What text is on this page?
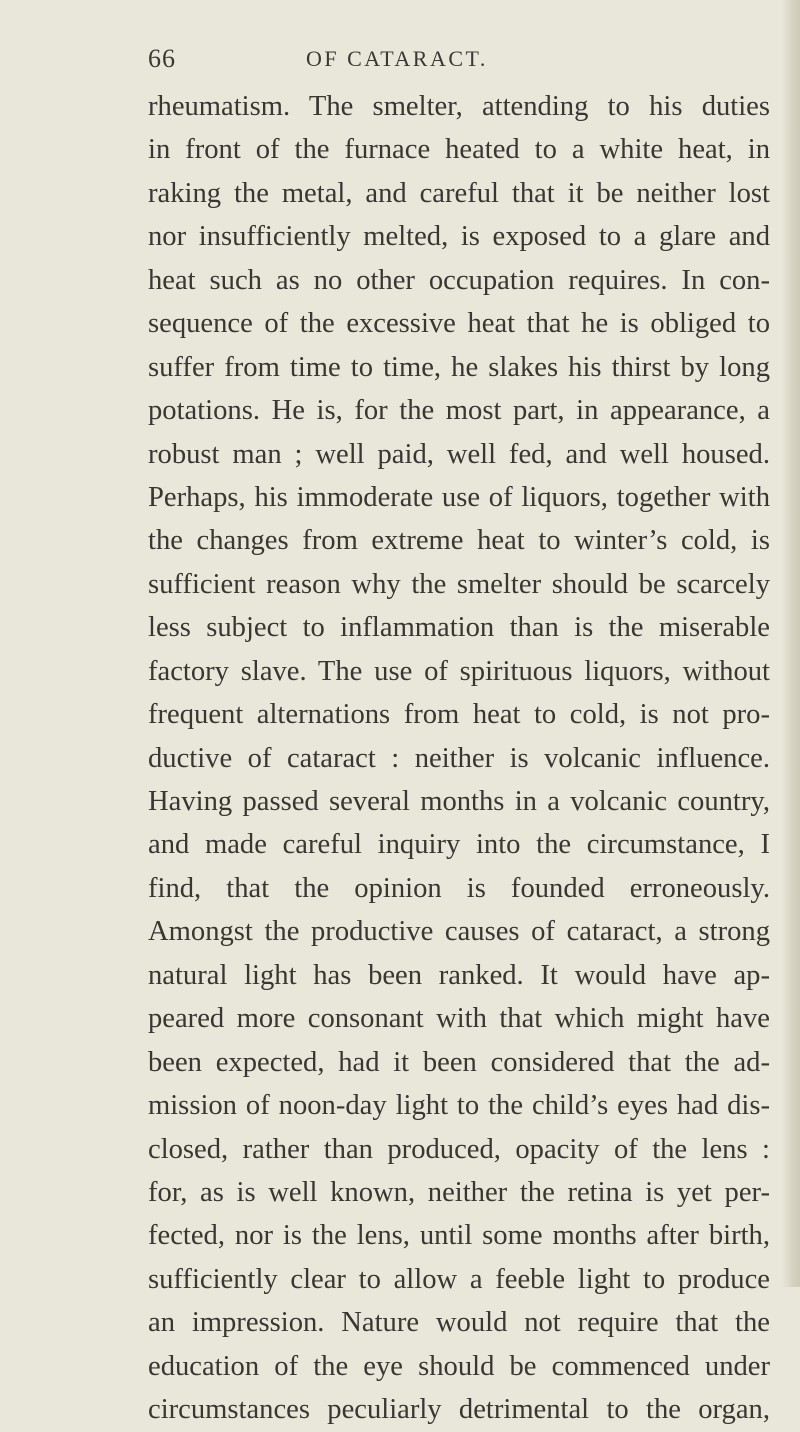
66	OF CATARACT.
rheumatism. The smelter, attending to his duties
in front of the furnace heated to a white heat, in
raking the metal, and careful that it be neither lost
nor insufficiently melted, is exposed to a glare and
heat such as no other occupation requires. In con-
sequence of the excessive heat that he is obliged to
suffer from time to time, he slakes his thirst by long
potations. He is, for the most part, in appearance, a
robust man ; well paid, well fed, and well housed.
Perhaps, his immoderate use of liquors, together with
the changes from extreme heat to winter’s cold, is
sufficient reason why the smelter should be scarcely
less subject to inflammation than is the miserable
factory slave. The use of spirituous liquors, without
frequent alternations from heat to cold, is not pro-
ductive of cataract : neither is volcanic influence.
Having passed several months in a volcanic country,
and made careful inquiry into the circumstance, I
find, that the opinion is founded erroneously.
Amongst the productive causes of cataract, a strong
natural light has been ranked. It would have ap-
peared more consonant with that which might have
been expected, had it been considered that the ad-
mission of noon-day light to the child’s eyes had dis-
closed, rather than produced, opacity of the lens :
for, as is well known, neither the retina is yet per-
fected, nor is the lens, until some months after birth,
sufficiently clear to allow a feeble light to produce
an impression. Nature would not require that the
education of the eye should be commenced under
circumstances peculiarly detrimental to the organ,
